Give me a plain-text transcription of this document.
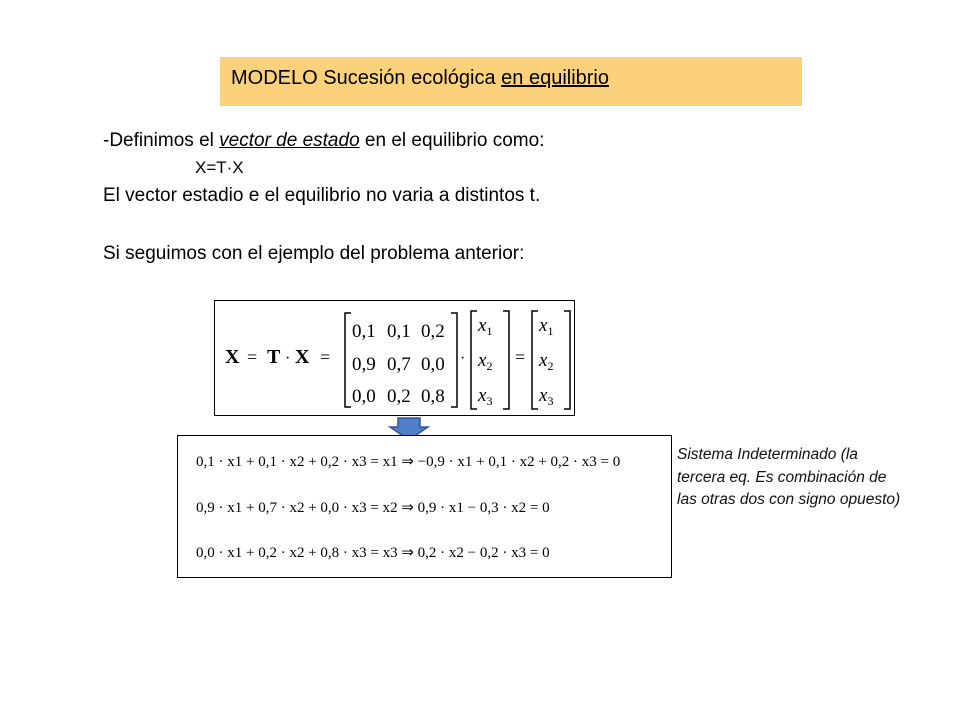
MODELO Sucesión ecológica en equilibrio
-Definimos el vector de estado en el equilibrio como:
X=T·X
El vector estadio e el equilibrio no varia a distintos t.
Si seguimos con el ejemplo del problema anterior:
X = T · X =
0,1 0,1 0,2
0,9 0,7 0,0
0,0 0,2 0,8
·
$x_1$
$x_2$
$x_3$
=
$x_1$
$x_2$
$x_3$
0,1 · x1 + 0,1 · x2 + 0,2 · x3 = x1 ⇒ −0,9 · x1 + 0,1 · x2 + 0,2 · x3 = 0
0,9 · x1 + 0,7 · x2 + 0,0 · x3 = x2 ⇒ 0,9 · x1 − 0,3 · x2 = 0
0,0 · x1 + 0,2 · x2 + 0,8 · x3 = x3 ⇒ 0,2 · x2 − 0,2 · x3 = 0
Sistema Indeterminado (la tercera eq. Es combinación de las otras dos con signo opuesto)
